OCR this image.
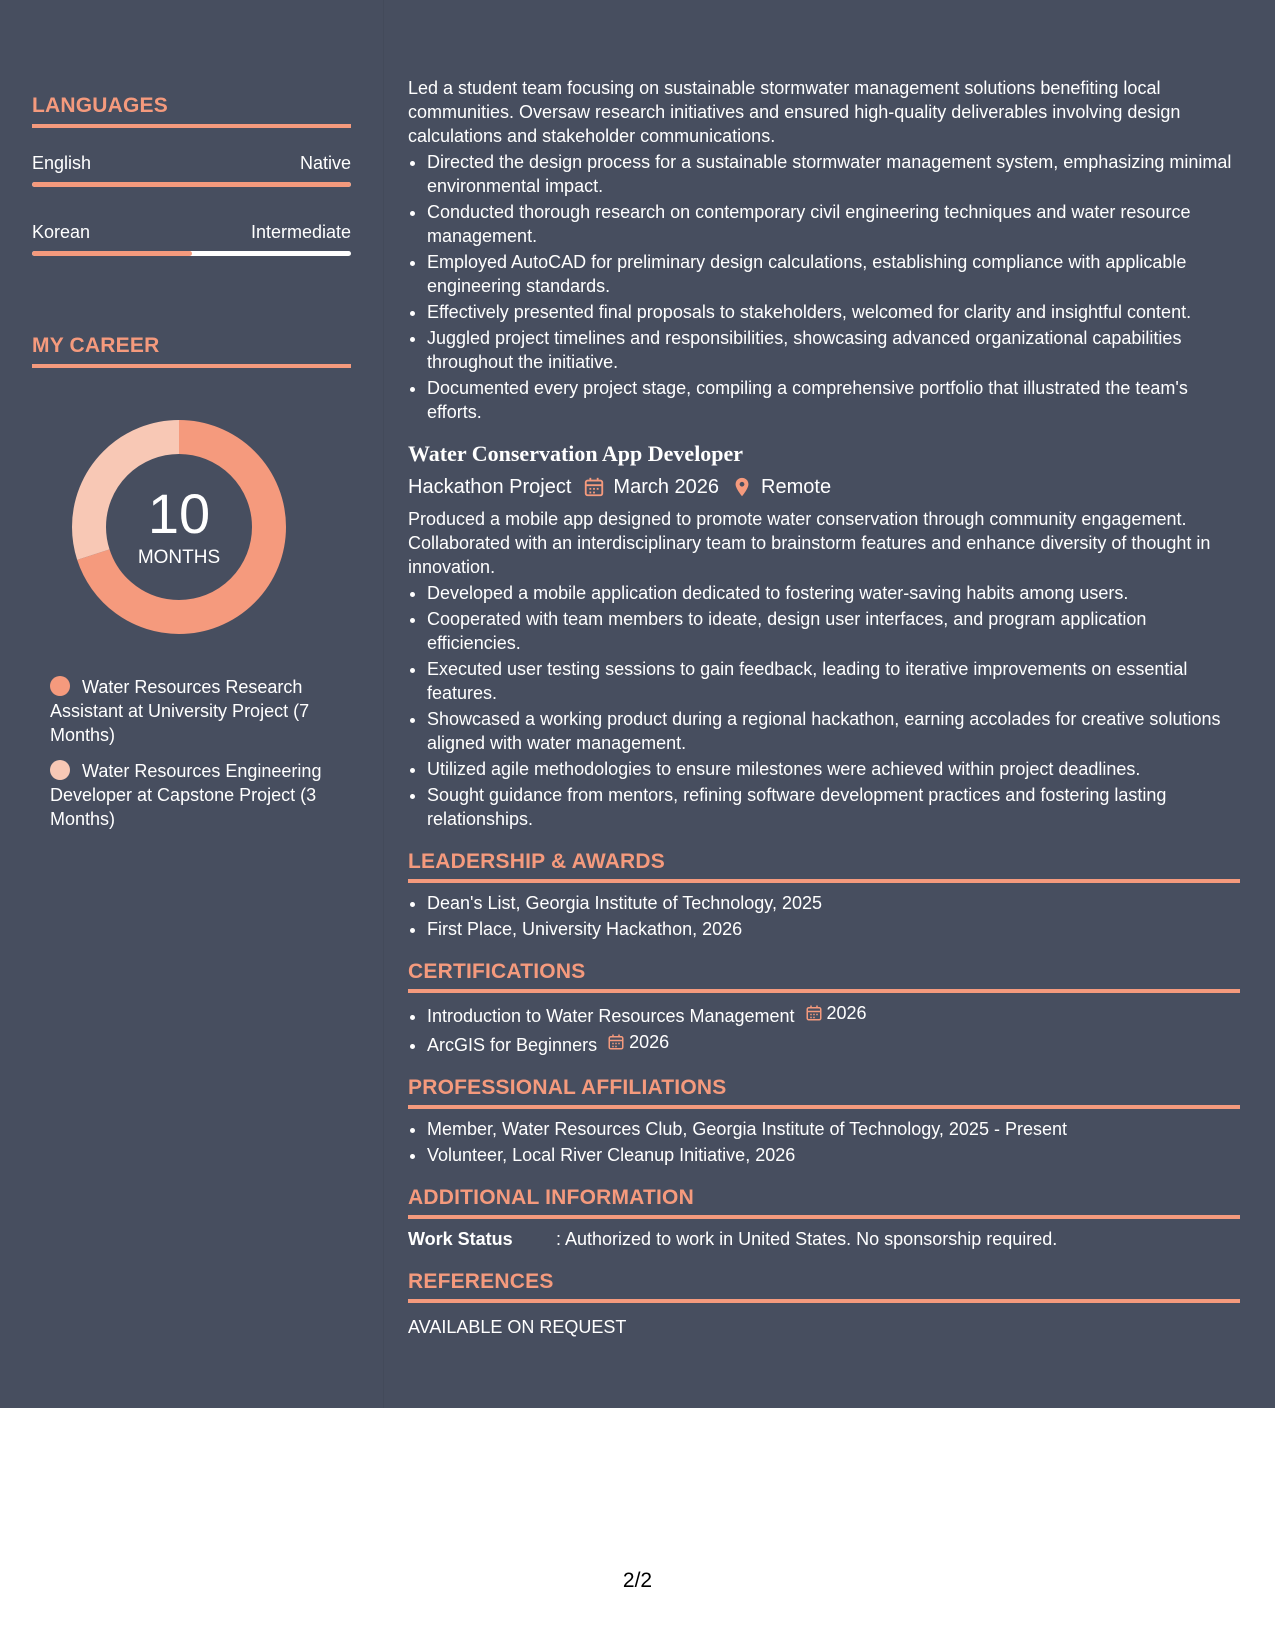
LANGUAGES
English	Native
Korean	Intermediate
MY CAREER
10
MONTHS
Water Resources Research Assistant at University Project (7 Months)
Water Resources Engineering Developer at Capstone Project (3 Months)

Led a student team focusing on sustainable stormwater management solutions benefiting local communities. Oversaw research initiatives and ensured high-quality deliverables involving design calculations and stakeholder communications.

• Directed the design process for a sustainable stormwater management system, emphasizing minimal environmental impact.
• Conducted thorough research on contemporary civil engineering techniques and water resource management.
• Employed AutoCAD for preliminary design calculations, establishing compliance with applicable engineering standards.
• Effectively presented final proposals to stakeholders, welcomed for clarity and insightful content.
• Juggled project timelines and responsibilities, showcasing advanced organizational capabilities throughout the initiative.
• Documented every project stage, compiling a comprehensive portfolio that illustrated the team's efforts.
Water Conservation App Developer
Hackathon Project March 2026 Remote

Produced a mobile app designed to promote water conservation through community engagement. Collaborated with an interdisciplinary team to brainstorm features and enhance diversity of thought in innovation.

• Developed a mobile application dedicated to fostering water-saving habits among users.
• Cooperated with team members to ideate, design user interfaces, and program application efficiencies.
• Executed user testing sessions to gain feedback, leading to iterative improvements on essential features.
• Showcased a working product during a regional hackathon, earning accolades for creative solutions aligned with water management.
• Utilized agile methodologies to ensure milestones were achieved within project deadlines.
• Sought guidance from mentors, refining software development practices and fostering lasting relationships.
LEADERSHIP & AWARDS
• Dean's List, Georgia Institute of Technology, 2025
• First Place, University Hackathon, 2026
CERTIFICATIONS
• Introduction to Water Resources Management 2026
• ArcGIS for Beginners 2026
PROFESSIONAL AFFILIATIONS
• Member, Water Resources Club, Georgia Institute of Technology, 2025 - Present
• Volunteer, Local River Cleanup Initiative, 2026
ADDITIONAL INFORMATION
Work Status	: Authorized to work in United States. No sponsorship required.
REFERENCES
AVAILABLE ON REQUEST
2/2
